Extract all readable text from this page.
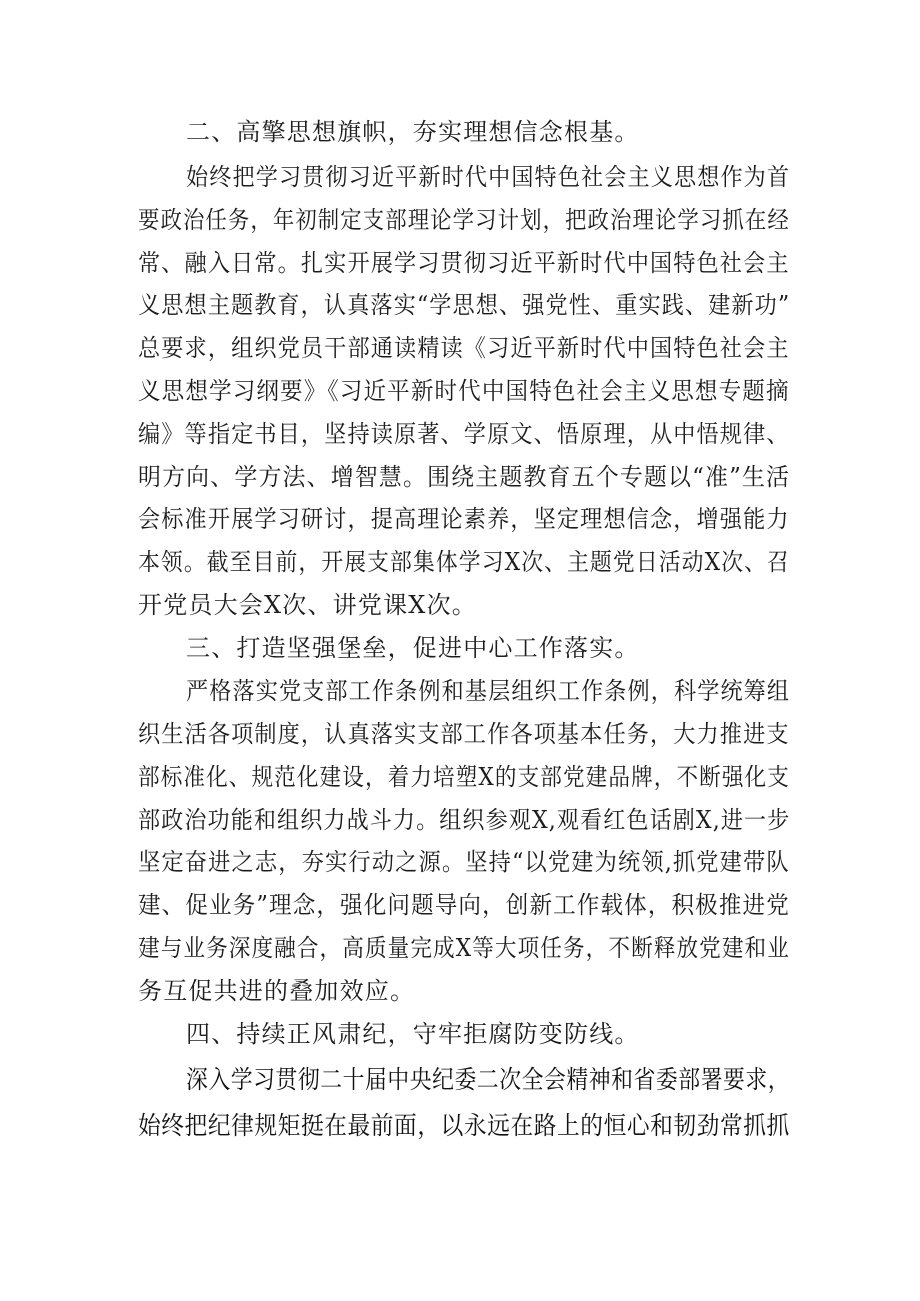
二、高擎思想旗帜，夯实理想信念根基。
始终把学习贯彻习近平新时代中国特色社会主义思想作为首
要政治任务，年初制定支部理论学习计划，把政治理论学习抓在经
常、融入日常。扎实开展学习贯彻习近平新时代中国特色社会主
义思想主题教育，认真落实“学思想、强党性、重实践、建新功”
总要求，组织党员干部通读精读《习近平新时代中国特色社会主
义思想学习纲要》《习近平新时代中国特色社会主义思想专题摘
编》等指定书目，坚持读原著、学原文、悟原理，从中悟规律、
明方向、学方法、增智慧。围绕主题教育五个专题以“准”生活
会标准开展学习研讨，提高理论素养，坚定理想信念，增强能力
本领。截至目前，开展支部集体学习X次、主题党日活动X次、召
开党员大会X次、讲党课X次。
三、打造坚强堡垒，促进中心工作落实。
严格落实党支部工作条例和基层组织工作条例，科学统筹组
织生活各项制度，认真落实支部工作各项基本任务，大力推进支
部标准化、规范化建设，着力培塑X的支部党建品牌，不断强化支
部政治功能和组织力战斗力。组织参观X,观看红色话剧X,进一步
坚定奋进之志，夯实行动之源。坚持“以党建为统领,抓党建带队
建、促业务”理念，强化问题导向，创新工作载体，积极推进党
建与业务深度融合，高质量完成X等大项任务，不断释放党建和业
务互促共进的叠加效应。
四、持续正风肃纪，守牢拒腐防变防线。
深入学习贯彻二十届中央纪委二次全会精神和省委部署要求，
始终把纪律规矩挺在最前面，以永远在路上的恒心和韧劲常抓抓
